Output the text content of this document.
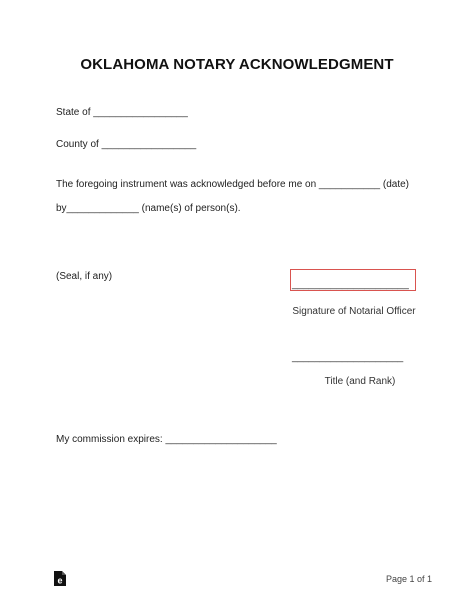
OKLAHOMA NOTARY ACKNOWLEDGMENT
State of _________________
County of _________________
The foregoing instrument was acknowledged before me on ___________ (date)
by_____________ (name(s) of person(s).
(Seal, if any)
_____________________
Signature of Notarial Officer
____________________
Title (and Rank)
My commission expires: ____________________
e	Page 1 of 1
